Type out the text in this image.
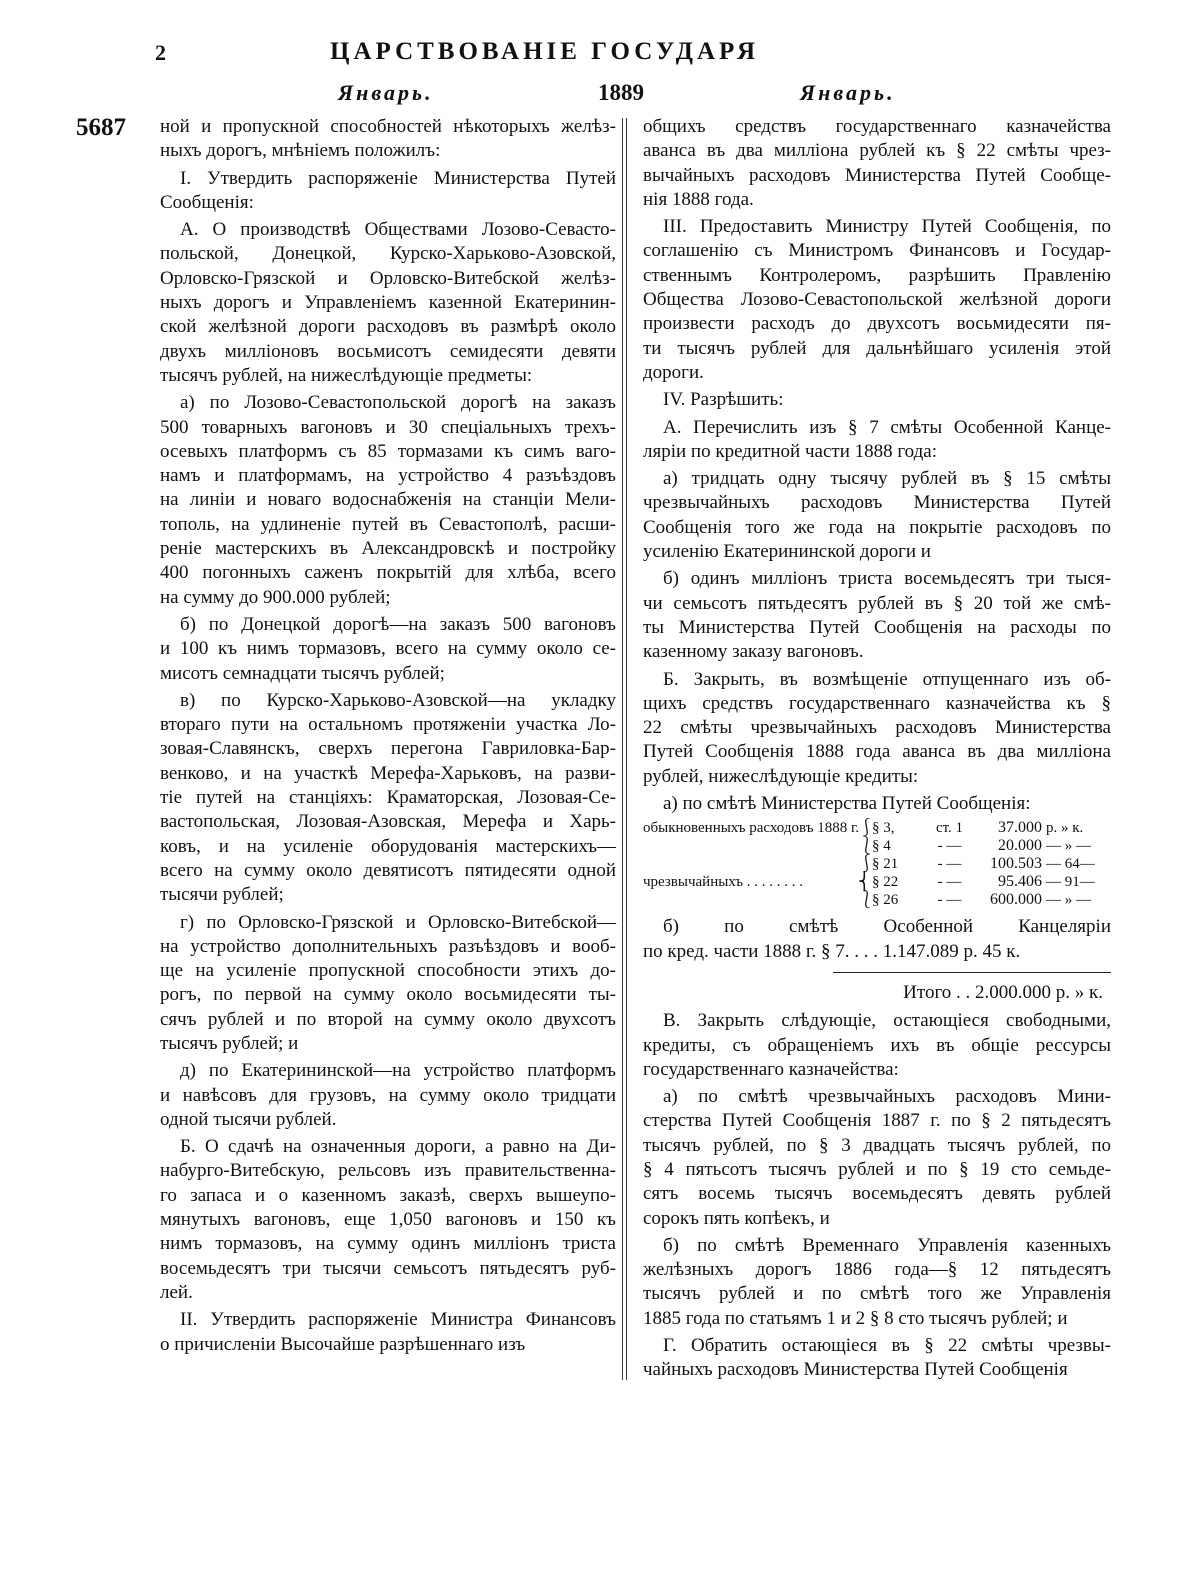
2	ЦАРСТВОВАНІЕ ГОСУДАРЯ
Январь.	1889	Январь.
5687 ной и пропускной способностей нѣкоторыхъ желѣз-
ныхъ дорогъ, мнѣніемъ положилъ:
I. Утвердить распоряженіе Министерства Путей
Сообщенія:
А. О производствѣ Обществами Лозово-Севасто-
польской, Донецкой, Курско-Харьково-Азовской,
Орловско-Грязской и Орловско-Витебской желѣз-
ныхъ дорогъ и Управленіемъ казенной Екатеринин-
ской желѣзной дороги расходовъ въ размѣрѣ около
двухъ милліоновъ восьмисотъ семидесяти девяти
тысячъ рублей, на нижеслѣдующіе предметы:
а) по Лозово-Севастопольской дорогѣ на заказъ
500 товарныхъ вагоновъ и 30 спеціальныхъ трехъ-
осевыхъ платформъ съ 85 тормазами къ симъ ваго-
намъ и платформамъ, на устройство 4 разъѣздовъ
на линіи и новаго водоснабженія на станціи Мели-
тополь, на удлиненіе путей въ Севастополѣ, расши-
реніе мастерскихъ въ Александровскѣ и постройку
400 погонныхъ саженъ покрытій для хлѣба, всего
на сумму до 900.000 рублей;
б) по Донецкой дорогѣ—на заказъ 500 вагоновъ
и 100 къ нимъ тормазовъ, всего на сумму около се-
мисотъ семнадцати тысячъ рублей;
в) по Курско-Харьково-Азовской—на укладку
втораго пути на остальномъ протяженіи участка Ло-
зовая-Славянскъ, сверхъ перегона Гавриловка-Бар-
венково, и на участкѣ Мерефа-Харьковъ, на разви-
тіе путей на станціяхъ: Краматорская, Лозовая-Се-
вастопольская, Лозовая-Азовская, Мерефа и Харь-
ковъ, и на усиленіе оборудованія мастерскихъ—
всего на сумму около девятисотъ пятидесяти одной
тысячи рублей;
г) по Орловско-Грязской и Орловско-Витебской—
на устройство дополнительныхъ разъѣздовъ и вооб-
ще на усиленіе пропускной способности этихъ до-
рогъ, по первой на сумму около восьмидесяти ты-
сячъ рублей и по второй на сумму около двухсотъ
тысячъ рублей; и
д) по Екатерининской—на устройство платформъ
и навѣсовъ для грузовъ, на сумму около тридцати
одной тысячи рублей.
Б. О сдачѣ на означенныя дороги, а равно на Ди-
набурго-Витебскую, рельсовъ изъ правительственна-
го запаса и о казенномъ заказѣ, сверхъ вышеупо-
мянутыхъ вагоновъ, еще 1,050 вагоновъ и 150 къ
нимъ тормазовъ, на сумму одинъ милліонъ триста
восемьдесятъ три тысячи семьсотъ пятьдесятъ руб-
лей.
II. Утвердить распоряженіе Министра Финансовъ
о причисленіи Высочайше разрѣшеннаго изъ
общихъ средствъ государственнаго казначейства
аванса въ два милліона рублей къ § 22 смѣты чрез-
вычайныхъ расходовъ Министерства Путей Сообще-
нія 1888 года.
III. Предоставить Министру Путей Сообщенія, по
соглашенію съ Министромъ Финансовъ и Государ-
ственнымъ Контролеромъ, разрѣшить Правленію
Общества Лозово-Севастопольской желѣзной дороги
произвести расходъ до двухсотъ восьмидесяти пя-
ти тысячъ рублей для дальнѣйшаго усиленія этой
дороги.
IV. Разрѣшить:
А. Перечислить изъ § 7 смѣты Особенной Канце-
ляріи по кредитной части 1888 года:
а) тридцать одну тысячу рублей въ § 15 смѣты
чрезвычайныхъ расходовъ Министерства Путей
Сообщенія того же года на покрытіе расходовъ по
усиленію Екатерининской дороги и
б) одинъ милліонъ триста восемьдесятъ три тыся-
чи семьсотъ пятьдесятъ рублей въ § 20 той же смѣ-
ты Министерства Путей Сообщенія на расходы по
казенному заказу вагоновъ.
Б. Закрыть, въ возмѣщеніе отпущеннаго изъ об-
щихъ средствъ государственнаго казначейства къ §
22 смѣты чрезвычайныхъ расходовъ Министерства
Путей Сообщенія 1888 года аванса въ два милліона
рублей, нижеслѣдующіе кредиты:
а) по смѣтѣ Министерства Путей Сообщенія:
обыкновенныхъ расходовъ 1888 г.
⎰
§ 3,	ст. 1	37.000 р. » к.
⎱
§ 4	- —	20.000 — » —
⎰
§ 21	- —	100.503 — 64—
чрезвычайныхъ . . . . . . . .	⎨ § 22	- —	95.406 — 91—
⎱
§ 26	- —	600.000 — » —
б) по смѣтѣ Особенной Канцеляріи
по кред. части 1888 г. § 7. . . . 1.147.089 р. 45 к.
Итого . . 2.000.000 р. » к.
В. Закрыть слѣдующіе, остающіеся свободными,
кредиты, съ обращеніемъ ихъ въ общіе рессурсы
государственнаго казначейства:
а) по смѣтѣ чрезвычайныхъ расходовъ Мини-
стерства Путей Сообщенія 1887 г. по § 2 пятьдесятъ
тысячъ рублей, по § 3 двадцать тысячъ рублей, по
§ 4 пятьсотъ тысячъ рублей и по § 19 сто семьде-
сятъ восемь тысячъ восемьдесятъ девять рублей
сорокъ пять копѣекъ, и
б) по смѣтѣ Временнаго Управленія казенныхъ
желѣзныхъ дорогъ 1886 года—§ 12 пятьдесятъ
тысячъ рублей и по смѣтѣ того же Управленія
1885 года по статьямъ 1 и 2 § 8 сто тысячъ рублей; и
Г. Обратить остающіеся въ § 22 смѣты чрезвы-
чайныхъ расходовъ Министерства Путей Сообщенія
